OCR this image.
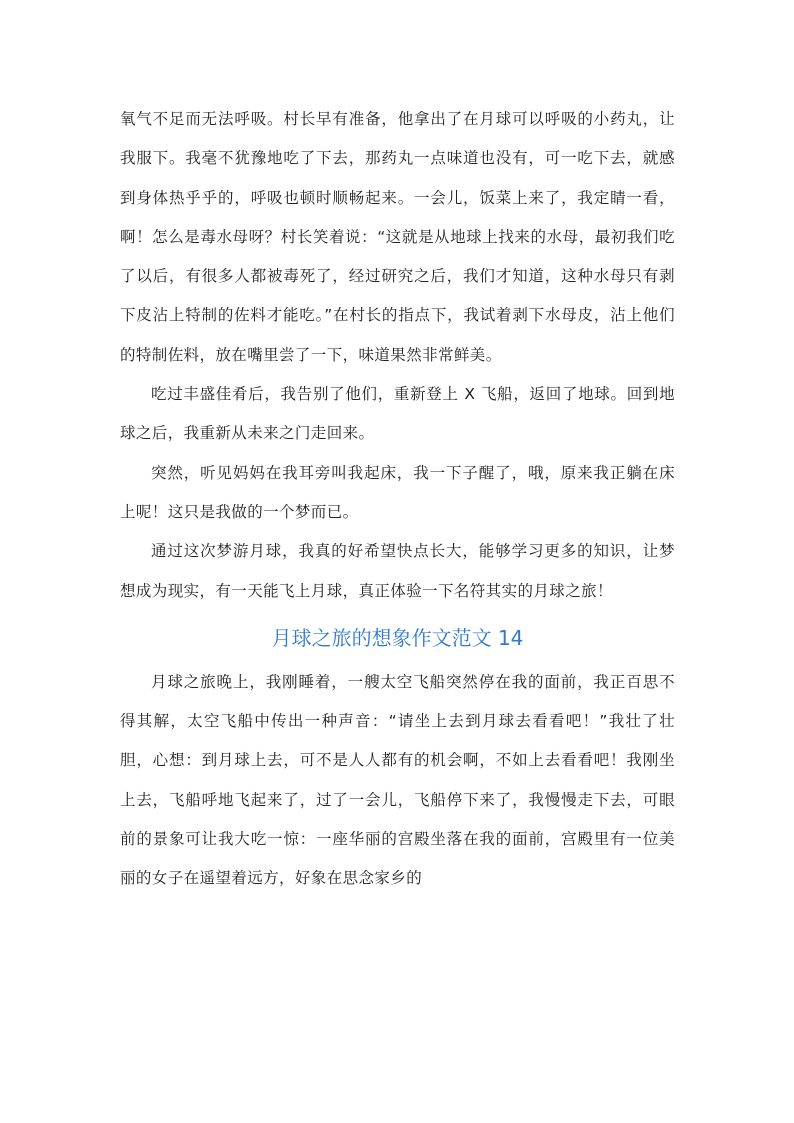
氧气不足而无法呼吸。村长早有准备，他拿出了在月球可以呼吸的小药丸，让我服下。我毫不犹豫地吃了下去，那药丸一点味道也没有，可一吃下去，就感到身体热乎乎的，呼吸也顿时顺畅起来。一会儿，饭菜上来了，我定睛一看，啊！怎么是毒水母呀？村长笑着说：“这就是从地球上找来的水母，最初我们吃了以后，有很多人都被毒死了，经过研究之后，我们才知道，这种水母只有剥下皮沾上特制的佐料才能吃。”在村长的指点下，我试着剥下水母皮，沾上他们的特制佐料，放在嘴里尝了一下，味道果然非常鲜美。

吃过丰盛佳肴后，我告别了他们，重新登上 X 飞船，返回了地球。回到地球之后，我重新从未来之门走回来。

突然，听见妈妈在我耳旁叫我起床，我一下子醒了，哦，原来我正躺在床上呢！这只是我做的一个梦而已。

通过这次梦游月球，我真的好希望快点长大，能够学习更多的知识，让梦想成为现实，有一天能飞上月球，真正体验一下名符其实的月球之旅！

月球之旅的想象作文范文 14

月球之旅晚上，我刚睡着，一艘太空飞船突然停在我的面前，我正百思不得其解，太空飞船中传出一种声音：“请坐上去到月球去看看吧！”我壮了壮胆，心想：到月球上去，可不是人人都有的机会啊，不如上去看看吧！我刚坐上去，飞船呼地飞起来了，过了一会儿，飞船停下来了，我慢慢走下去，可眼前的景象可让我大吃一惊：一座华丽的宫殿坐落在我的面前，宫殿里有一位美丽的女子在遥望着远方，好象在思念家乡的
